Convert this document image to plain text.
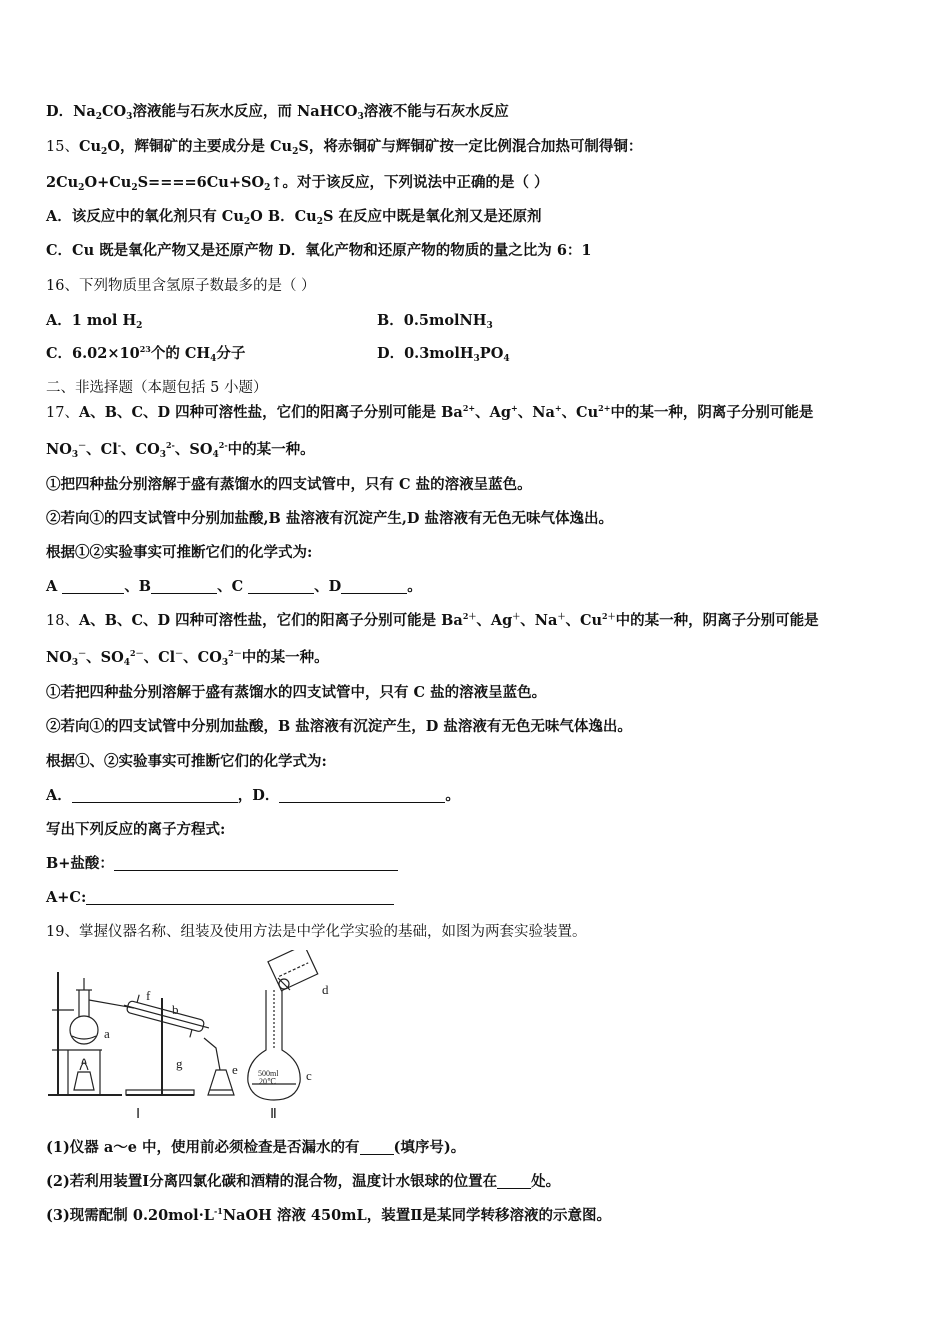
D．$Na_2CO_3$溶液能与石灰水反应，而 NaHCO$_3$溶液不能与石灰水反应
15、$Cu_2O$，辉铜矿的主要成分是 $Cu_2S$，将赤铜矿与辉铜矿按一定比例混合加热可制得铜：
$2Cu_2O+Cu_2S====6Cu+SO_2↑$。对于该反应，下列说法中正确的是（ ）
A．该反应中的氧化剂只有 $Cu_2O$ B．$Cu_2S$ 在反应中既是氧化剂又是还原剂
C．Cu 既是氧化产物又是还原产物 D．氧化产物和还原产物的物质的量之比为 6：1
16、下列物质里含氢原子数最多的是（ ）
A．1 mol $H_2$	B．0.5molNH$_3$
C．$6.02\times 10^{23}$个的 $CH_4$分子	D．$0.3molH_3PO_4$
二、非选择题（本题包括 5 小题）
17、A、B、C、D 四种可溶性盐，它们的阳离子分别可能是 $Ba^{2+}$、Ag+、Na+、$Cu^{2+}$中的某一种，阴离子分别可能是
$NO_3^-$、Cl-、$CO_3^{2-}$、$SO_4^{2-}$中的某一种。
①把四种盐分别溶解于盛有蒸馏水的四支试管中，只有 C 盐的溶液呈蓝色。
②若向①的四支试管中分别加盐酸,B 盐溶液有沉淀产生,D 盐溶液有无色无味气体逸出。
根据①②实验事实可推断它们的化学式为:
A	、B	、C	、D	。
18、A、B、C、D 四种可溶性盐，它们的阳离子分别可能是 $Ba^{2+}$、Ag＋、Na＋、$Cu^{2+}$中的某一种，阴离子分别可能是
$NO_3^-$、$SO_4^{2-}$、Cl－、$CO_3^{2-}$中的某一种。
①若把四种盐分别溶解于盛有蒸馏水的四支试管中，只有 C 盐的溶液呈蓝色。
②若向①的四支试管中分别加盐酸，B 盐溶液有沉淀产生，D 盐溶液有无色无味气体逸出。
根据①、②实验事实可推断它们的化学式为:
A．	，D．	。
写出下列反应的离子方程式:
B+盐酸：
A+C:
19、掌握仪器名称、组装及使用方法是中学化学实验的基础，如图为两套实验装置。
a
b
c
d
e
f
g
500ml
20℃
Ⅰ	Ⅱ
(1)仪器 a～e 中，使用前必须检查是否漏水的有 (填序号)。
(2)若利用装置Ⅰ分离四氯化碳和酒精的混合物，温度计水银球的位置在 处。
(3)现需配制 $0.20mol\cdot L^{-1}NaOH$ 溶液 450mL，装置Ⅱ是某同学转移溶液的示意图。
